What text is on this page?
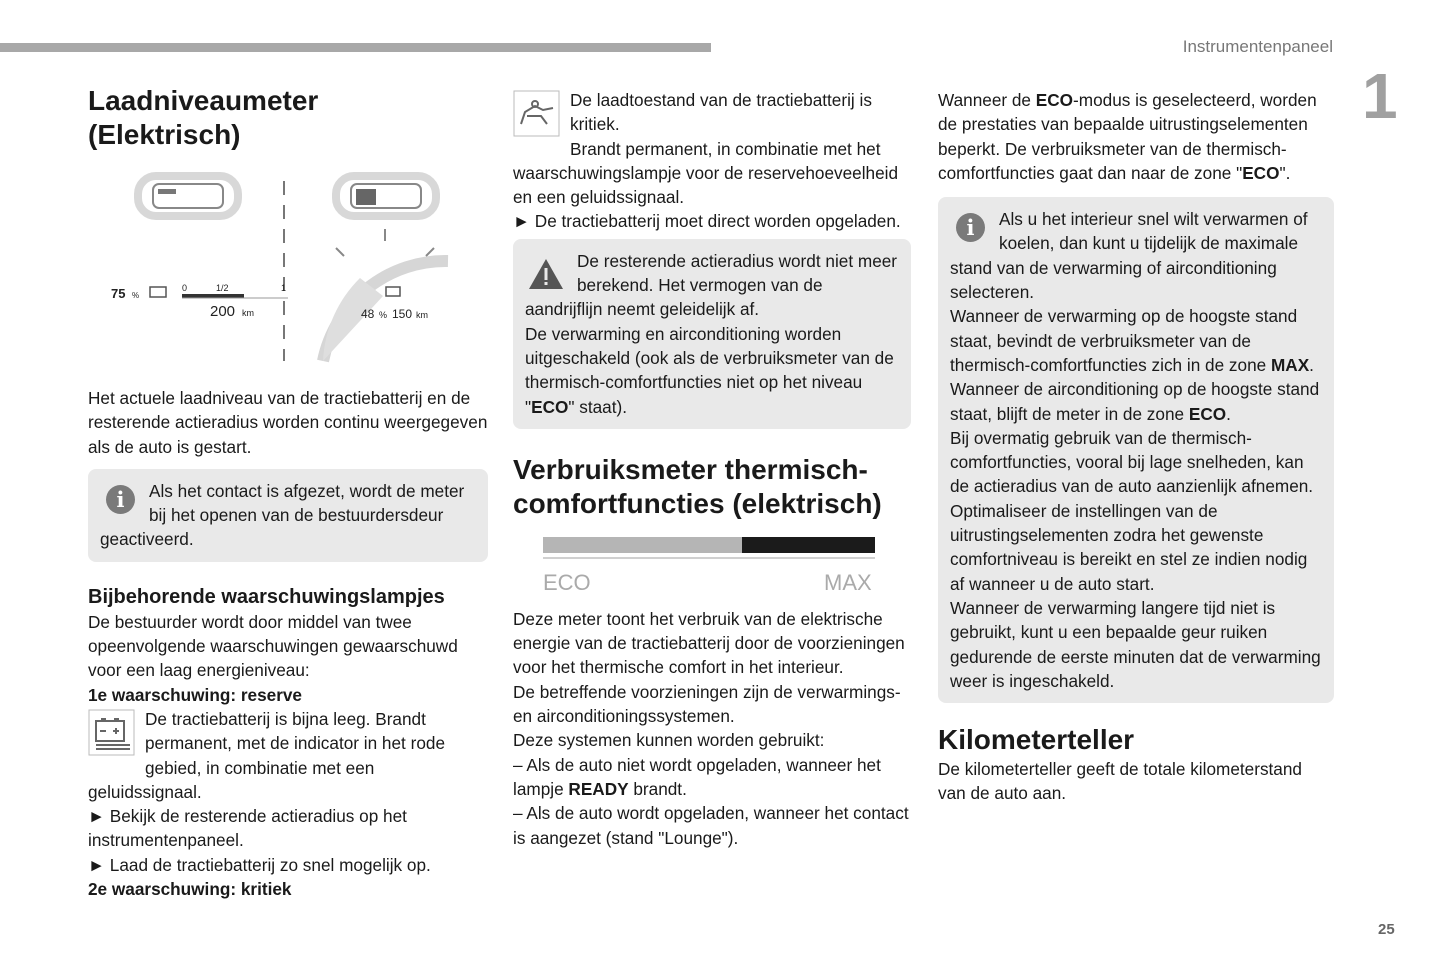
Instrumentenpaneel
1
25
Laadniveaumeter
(Elektrisch)
75 %
0	1/2	1
200 km	48 % 150 km

Het actuele laadniveau van de tractiebatterij en de resterende actieradius worden continu weergegeven als de auto is gestart.

i	Als het contact is afgezet, wordt de meter bij het openen van de bestuurdersdeur geactiveerd.

Bijbehorende waarschuwingslampjes

De bestuurder wordt door middel van twee opeenvolgende waarschuwingen gewaarschuwd voor een laag energieniveau:

1e waarschuwing: reserve

De tractiebatterij is bijna leeg. Brandt permanent, met de indicator in het rode gebied, in combinatie met een geluidssignaal.

► Bekijk de resterende actieradius op het instrumentenpaneel.

► Laad de tractiebatterij zo snel mogelijk op.

2e waarschuwing: kritiek

De laadtoestand van de tractiebatterij is kritiek.

Brandt permanent, in combinatie met het waarschuwingslampje voor de reservehoeveelheid en een geluidssignaal.

► De tractiebatterij moet direct worden opgeladen.

De resterende actieradius wordt niet meer berekend. Het vermogen van de aandrijflijn neemt geleidelijk af.

De verwarming en airconditioning worden uitgeschakeld (ook als de verbruiksmeter van de thermisch-comfortfuncties niet op het niveau "ECO" staat).

Verbruiksmeter thermisch-
comfortfuncties (elektrisch)
ECO	MAX

Deze meter toont het verbruik van de elektrische energie van de tractiebatterij door de voorzieningen voor het thermische comfort in het interieur.

De betreffende voorzieningen zijn de verwarmings- en airconditioningssystemen.

Deze systemen kunnen worden gebruikt:

– Als de auto niet wordt opgeladen, wanneer het lampje READY brandt.

– Als de auto wordt opgeladen, wanneer het contact is aangezet (stand "Lounge").

Wanneer de ECO-modus is geselecteerd, worden de prestaties van bepaalde uitrustingselementen beperkt. De verbruiksmeter van de thermisch-comfortfuncties gaat dan naar de zone "ECO".

i	Als u het interieur snel wilt verwarmen of koelen, dan kunt u tijdelijk de maximale stand van de verwarming of airconditioning selecteren.

Wanneer de verwarming op de hoogste stand staat, bevindt de verbruiksmeter van de thermisch-comfortfuncties zich in de zone MAX. Wanneer de airconditioning op de hoogste stand staat, blijft de meter in de zone ECO.

Bij overmatig gebruik van de thermisch-comfortfuncties, vooral bij lage snelheden, kan de actieradius van de auto aanzienlijk afnemen.

Optimaliseer de instellingen van de uitrustingselementen zodra het gewenste comfortniveau is bereikt en stel ze indien nodig af wanneer u de auto start.

Wanneer de verwarming langere tijd niet is gebruikt, kunt u een bepaalde geur ruiken gedurende de eerste minuten dat de verwarming weer is ingeschakeld.

Kilometerteller

De kilometerteller geeft de totale kilometerstand van de auto aan.
